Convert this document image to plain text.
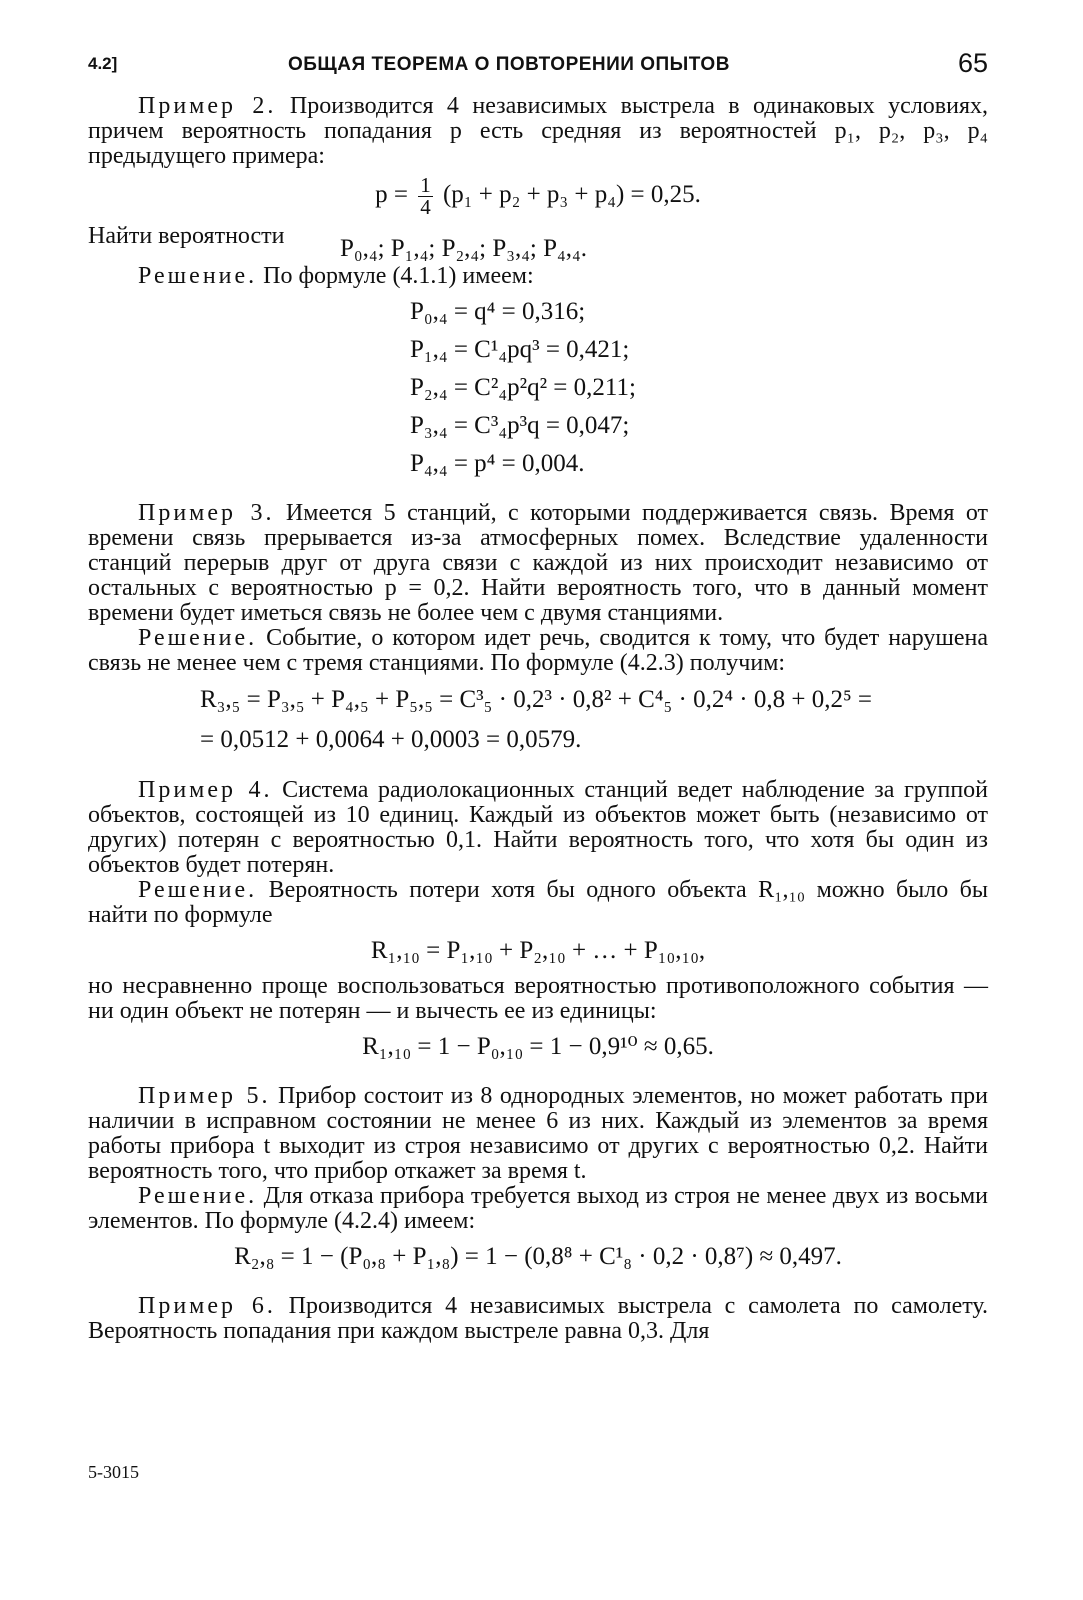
4.2]	ОБЩАЯ ТЕОРЕМА О ПОВТОРЕНИИ ОПЫТОВ	65

Пример 2. Производится 4 независимых выстрела в одинаковых условиях, причем вероятность попадания p есть средняя из вероятностей p₁, p₂, p₃, p₄ предыдущего примера:

$p = \frac{1}{4} (p_1 + p_2 + p_3 + p_4) = 0,25$.
Найти вероятности P₀,₄; P₁,₄; P₂,₄; P₃,₄; P₄,₄.

Решение. По формуле (4.1.1) имеем:

P₀,₄ = q⁴ = 0,316;
P₁,₄ = C¹₄pq³ = 0,421;
P₂,₄ = C²₄p²q² = 0,211;
P₃,₄ = C³₄p³q = 0,047;
P₄,₄ = p⁴ = 0,004.

Пример 3. Имеется 5 станций, с которыми поддерживается связь. Время от времени связь прерывается из-за атмосферных помех. Вследствие удаленности станций перерыв друг от друга связи с каждой из них происходит независимо от остальных с вероятностью p = 0,2. Найти вероятность того, что в данный момент времени будет иметься связь не более чем с двумя станциями.

Решение. Событие, о котором идет речь, сводится к тому, что будет нарушена связь не менее чем с тремя станциями. По формуле (4.2.3) получим:

R₃,₅ = P₃,₅ + P₄,₅ + P₅,₅ = C³₅ · 0,2³ · 0,8² + C⁴₅ · 0,2⁴ · 0,8 + 0,2⁵ =
= 0,0512 + 0,0064 + 0,0003 = 0,0579.

Пример 4. Система радиолокационных станций ведет наблюдение за группой объектов, состоящей из 10 единиц. Каждый из объектов может быть (независимо от других) потерян с вероятностью 0,1. Найти вероятность того, что хотя бы один из объектов будет потерян.

Решение. Вероятность потери хотя бы одного объекта R₁,₁₀ можно было бы найти по формуле

R₁,₁₀ = P₁,₁₀ + P₂,₁₀ + … + P₁₀,₁₀,

но несравненно проще воспользоваться вероятностью противоположного события — ни один объект не потерян — и вычесть ее из единицы:

R₁,₁₀ = 1 − P₀,₁₀ = 1 − 0,9¹⁰ ≈ 0,65.

Пример 5. Прибор состоит из 8 однородных элементов, но может работать при наличии в исправном состоянии не менее 6 из них. Каждый из элементов за время работы прибора t выходит из строя независимо от других с вероятностью 0,2. Найти вероятность того, что прибор откажет за время t.

Решение. Для отказа прибора требуется выход из строя не менее двух из восьми элементов. По формуле (4.2.4) имеем:

R₂,₈ = 1 − (P₀,₈ + P₁,₈) = 1 − (0,8⁸ + C¹₈ · 0,2 · 0,8⁷) ≈ 0,497.

Пример 6. Производится 4 независимых выстрела с самолета по самолету. Вероятность попадания при каждом выстреле равна 0,3. Для

5-3015
